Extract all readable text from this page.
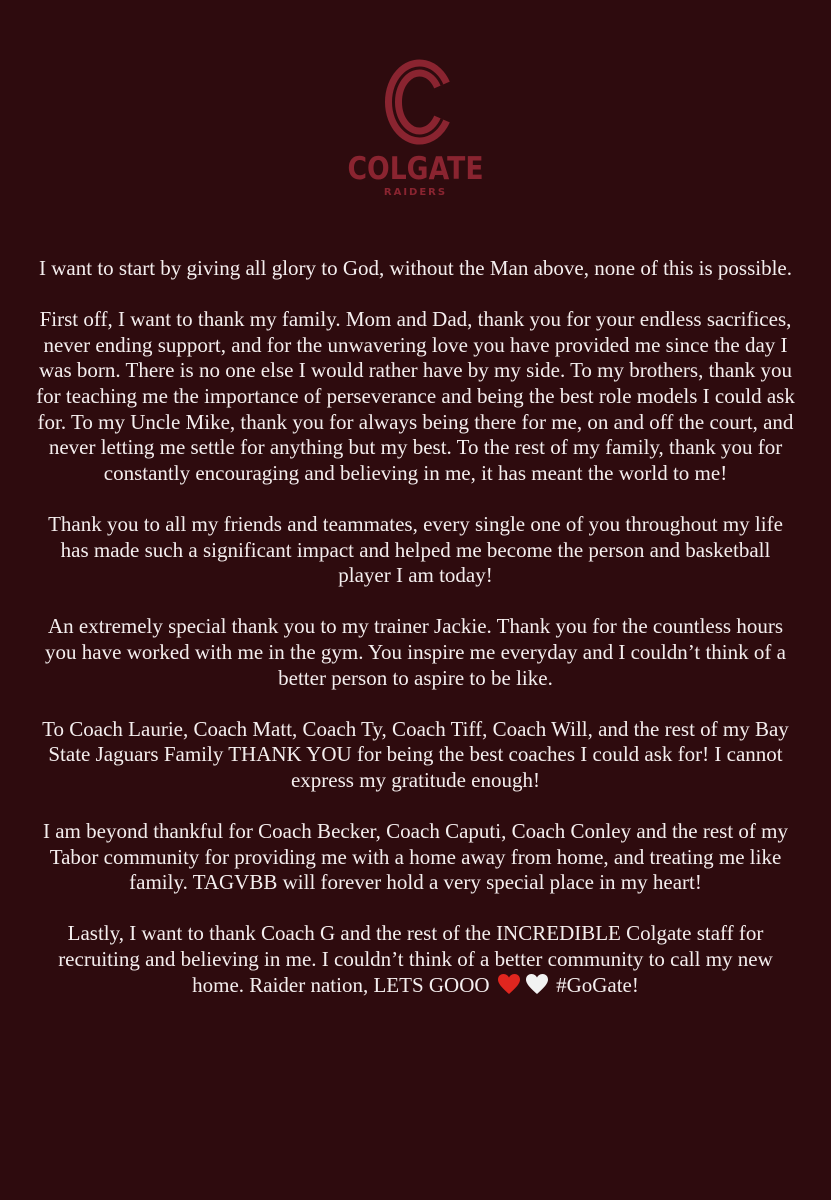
COLGATE
RAIDERS

I want to start by giving all glory to God, without the Man above, none of this is possible.

First off, I want to thank my family. Mom and Dad, thank you for your endless sacrifices, never ending support, and for the unwavering love you have provided me since the day I was born. There is no one else I would rather have by my side. To my brothers, thank you for teaching me the importance of perseverance and being the best role models I could ask for. To my Uncle Mike, thank you for always being there for me, on and off the court, and never letting me settle for anything but my best. To the rest of my family, thank you for constantly encouraging and believing in me, it has meant the world to me!

Thank you to all my friends and teammates, every single one of you throughout my life has made such a significant impact and helped me become the person and basketball player I am today!

An extremely special thank you to my trainer Jackie. Thank you for the countless hours you have worked with me in the gym. You inspire me everyday and I couldn’t think of a better person to aspire to be like.

To Coach Laurie, Coach Matt, Coach Ty, Coach Tiff, Coach Will, and the rest of my Bay State Jaguars Family THANK YOU for being the best coaches I could ask for! I cannot express my gratitude enough!

I am beyond thankful for Coach Becker, Coach Caputi, Coach Conley and the rest of my Tabor community for providing me with a home away from home, and treating me like family. TAGVBB will forever hold a very special place in my heart!

Lastly, I want to thank Coach G and the rest of the INCREDIBLE Colgate staff for recruiting and believing in me. I couldn’t think of a better community to call my new home. Raider nation, LETS GOOO	#GoGate!
